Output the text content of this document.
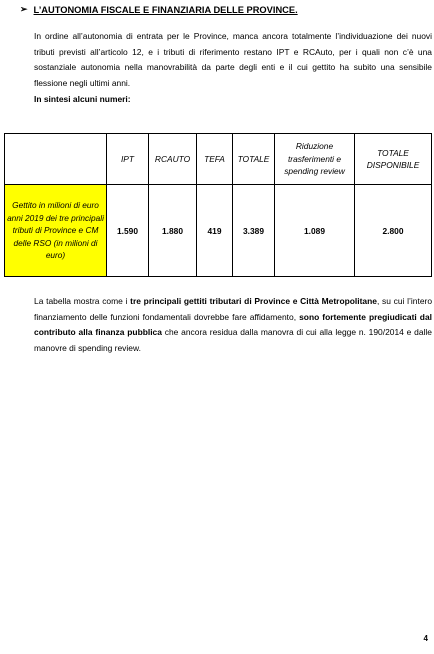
➢ L’AUTONOMIA FISCALE E FINANZIARIA DELLE PROVINCE.
In ordine all’autonomia di entrata per le Province, manca ancora totalmente l’individuazione dei nuovi tributi previsti all’articolo 12, e i tributi di riferimento restano IPT e RCAuto, per i quali non c’è una sostanziale autonomia nella manovrabilità da parte degli enti e il cui gettito ha subito una sensibile flessione negli ultimi anni.
In sintesi alcuni numeri:
	IPT	RCAUTO	TEFA	TOTALE	Riduzione trasferimenti e spending review	TOTALE DISPONIBILE
Gettito in milioni di euro anni 2019 dei tre principali tributi di Province e CM delle RSO (in milioni di euro)	1.590	1.880	419	3.389	1.089	2.800
La tabella mostra come i tre principali gettiti tributari di Province e Città Metropolitane, su cui l’intero finanziamento delle funzioni fondamentali dovrebbe fare affidamento, sono fortemente pregiudicati dal contributo alla finanza pubblica che ancora residua dalla manovra di cui alla legge n. 190/2014 e dalle manovre di spending review.
4
